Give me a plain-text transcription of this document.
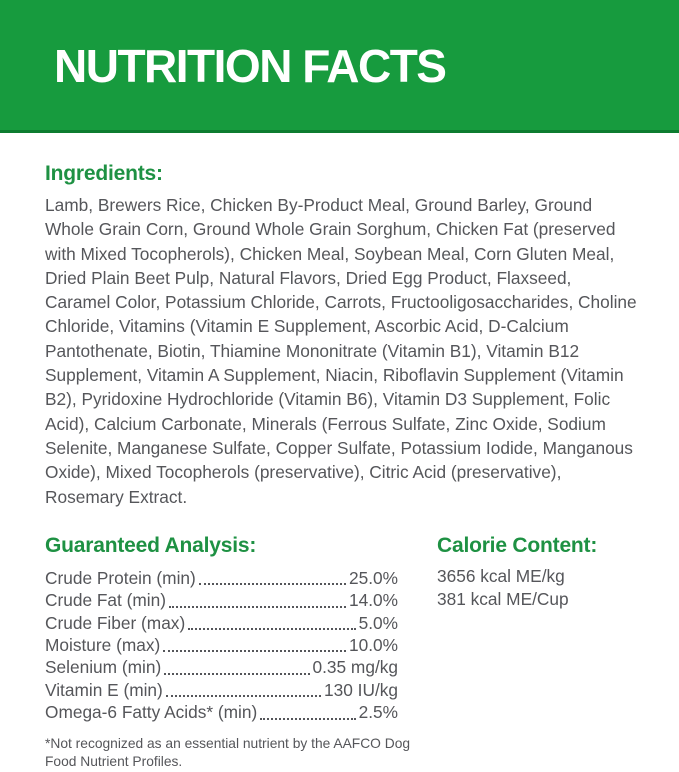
NUTRITION FACTS
Ingredients:
Lamb, Brewers Rice, Chicken By-Product Meal, Ground Barley, Ground Whole Grain Corn, Ground Whole Grain Sorghum, Chicken Fat (preserved with Mixed Tocopherols), Chicken Meal, Soybean Meal, Corn Gluten Meal, Dried Plain Beet Pulp, Natural Flavors, Dried Egg Product, Flaxseed, Caramel Color, Potassium Chloride, Carrots, Fructooligosaccharides, Choline Chloride, Vitamins (Vitamin E Supplement, Ascorbic Acid, D-Calcium Pantothenate, Biotin, Thiamine Mononitrate (Vitamin B1), Vitamin B12 Supplement, Vitamin A Supplement, Niacin, Riboflavin Supplement (Vitamin B2), Pyridoxine Hydrochloride (Vitamin B6), Vitamin D3 Supplement, Folic Acid), Calcium Carbonate, Minerals (Ferrous Sulfate, Zinc Oxide, Sodium Selenite, Manganese Sulfate, Copper Sulfate, Potassium Iodide, Manganous Oxide), Mixed Tocopherols (preservative), Citric Acid (preservative), Rosemary Extract.
Guaranteed Analysis:
Crude Protein (min)	25.0%
Crude Fat (min)	14.0%
Crude Fiber (max)	5.0%
Moisture (max)	10.0%
Selenium (min)	0.35 mg/kg
Vitamin E (min)	130 IU/kg
Omega-6 Fatty Acids* (min)	2.5%
*Not recognized as an essential nutrient by the AAFCO Dog Food Nutrient Profiles.
Calorie Content:
3656 kcal ME/kg
381 kcal ME/Cup
